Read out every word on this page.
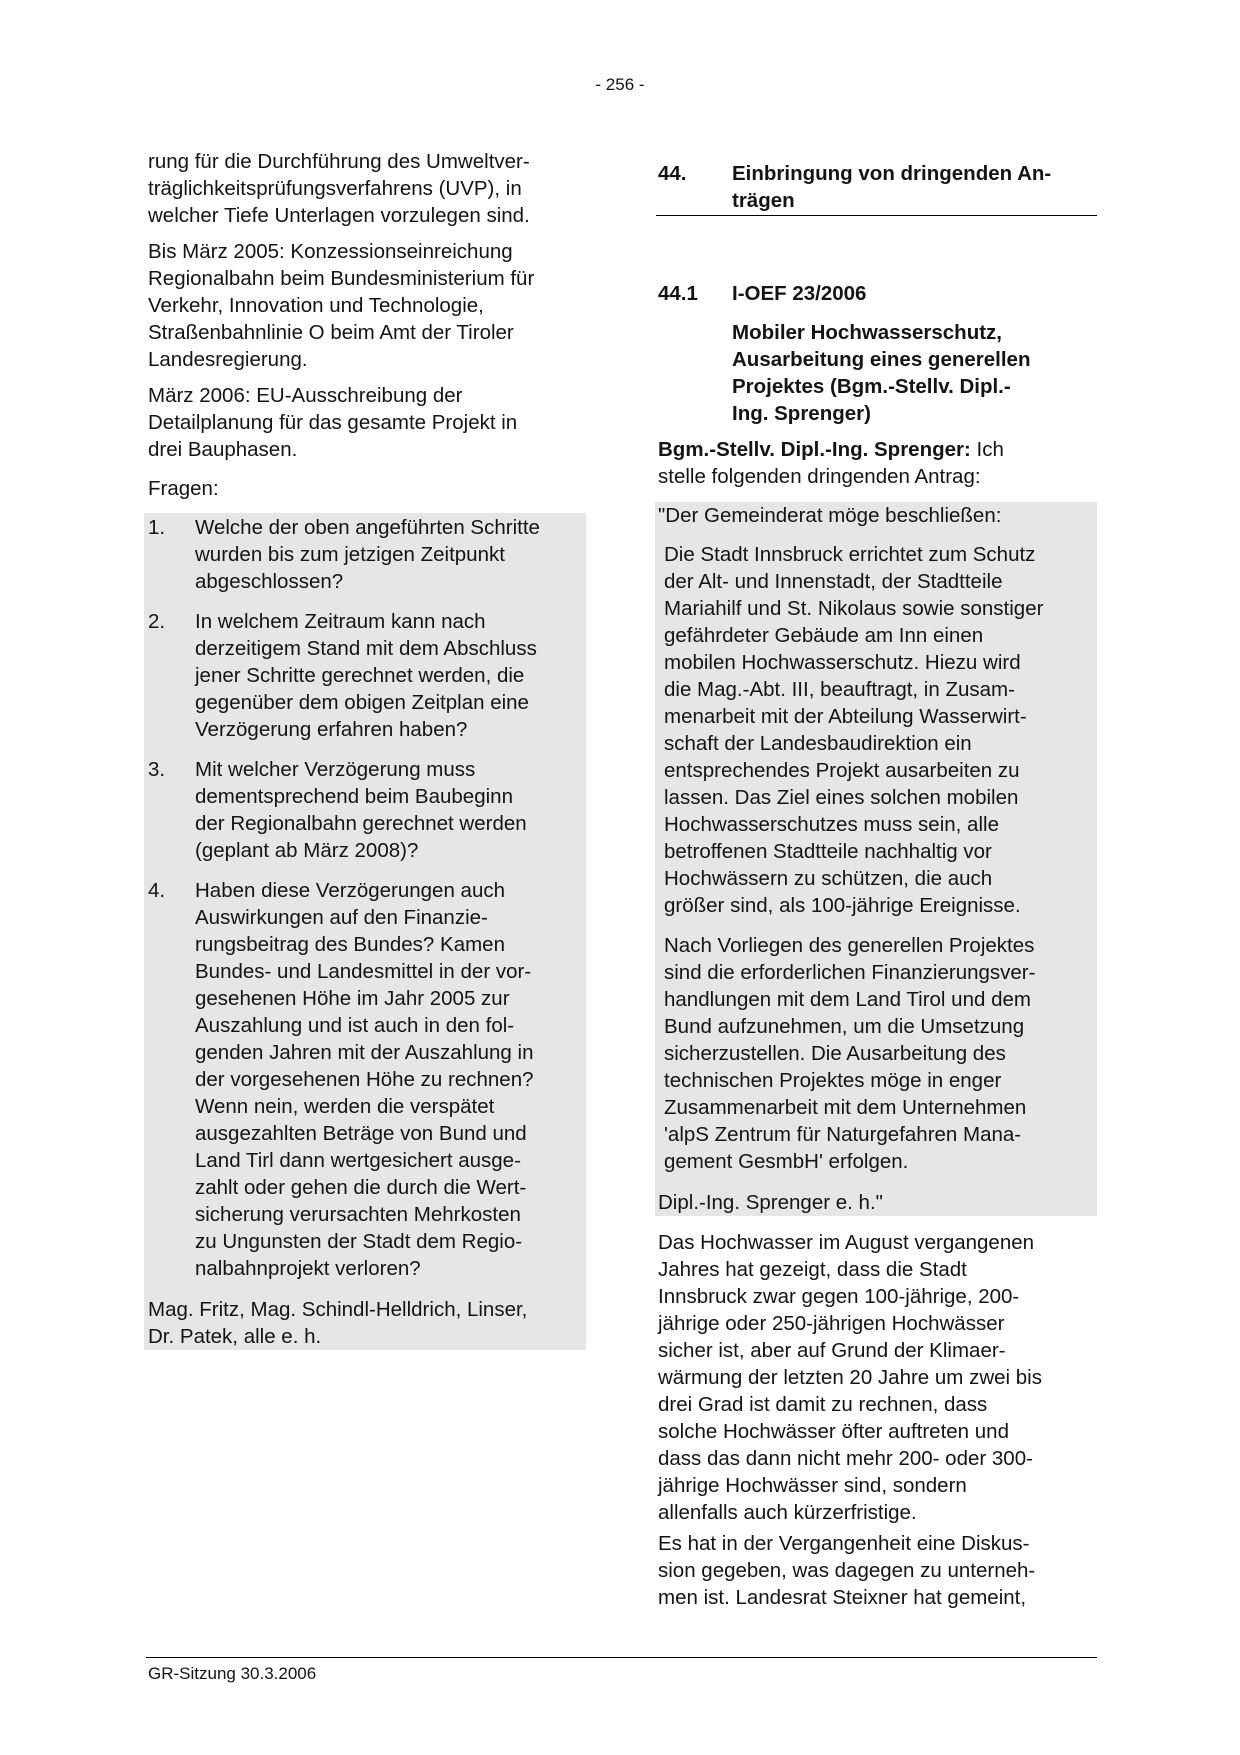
- 256 -
rung für die Durchführung des Umweltver-
träglichkeitsprüfungsverfahrens (UVP), in
welcher Tiefe Unterlagen vorzulegen sind.
Bis März 2005: Konzessionseinreichung
Regionalbahn beim Bundesministerium für
Verkehr, Innovation und Technologie,
Straßenbahnlinie O beim Amt der Tiroler
Landesregierung.
März 2006: EU-Ausschreibung der
Detailplanung für das gesamte Projekt in
drei Bauphasen.
Fragen:
1. Welche der oben angeführten Schritte
wurden bis zum jetzigen Zeitpunkt
abgeschlossen?
2. In welchem Zeitraum kann nach
derzeitigem Stand mit dem Abschluss
jener Schritte gerechnet werden, die
gegenüber dem obigen Zeitplan eine
Verzögerung erfahren haben?
3. Mit welcher Verzögerung muss
dementsprechend beim Baubeginn
der Regionalbahn gerechnet werden
(geplant ab März 2008)?
4. Haben diese Verzögerungen auch
Auswirkungen auf den Finanzie-
rungsbeitrag des Bundes? Kamen
Bundes- und Landesmittel in der vor-
gesehenen Höhe im Jahr 2005 zur
Auszahlung und ist auch in den fol-
genden Jahren mit der Auszahlung in
der vorgesehenen Höhe zu rechnen?
Wenn nein, werden die verspätet
ausgezahlten Beträge von Bund und
Land Tirl dann wertgesichert ausge-
zahlt oder gehen die durch die Wert-
sicherung verursachten Mehrkosten
zu Ungunsten der Stadt dem Regio-
nalbahnprojekt verloren?
Mag. Fritz, Mag. Schindl-Helldrich, Linser,
Dr. Patek, alle e. h.
44. Einbringung von dringenden An-
trägen
44.1 I-OEF 23/2006
Mobiler Hochwasserschutz,
Ausarbeitung eines generellen
Projektes (Bgm.-Stellv. Dipl.-
Ing. Sprenger)
Bgm.-Stellv. Dipl.-Ing. Sprenger: Ich
stelle folgenden dringenden Antrag:
"Der Gemeinderat möge beschließen:
Die Stadt Innsbruck errichtet zum Schutz
der Alt- und Innenstadt, der Stadtteile
Mariahilf und St. Nikolaus sowie sonstiger
gefährdeter Gebäude am Inn einen
mobilen Hochwasserschutz. Hiezu wird
die Mag.-Abt. III, beauftragt, in Zusam-
menarbeit mit der Abteilung Wasserwirt-
schaft der Landesbaudirektion ein
entsprechendes Projekt ausarbeiten zu
lassen. Das Ziel eines solchen mobilen
Hochwasserschutzes muss sein, alle
betroffenen Stadtteile nachhaltig vor
Hochwässern zu schützen, die auch
größer sind, als 100-jährige Ereignisse.
Nach Vorliegen des generellen Projektes
sind die erforderlichen Finanzierungsver-
handlungen mit dem Land Tirol und dem
Bund aufzunehmen, um die Umsetzung
sicherzustellen. Die Ausarbeitung des
technischen Projektes möge in enger
Zusammenarbeit mit dem Unternehmen
'alpS Zentrum für Naturgefahren Mana-
gement GesmbH' erfolgen.
Dipl.-Ing. Sprenger e. h."
Das Hochwasser im August vergangenen
Jahres hat gezeigt, dass die Stadt
Innsbruck zwar gegen 100-jährige, 200-
jährige oder 250-jährigen Hochwässer
sicher ist, aber auf Grund der Klimaer-
wärmung der letzten 20 Jahre um zwei bis
drei Grad ist damit zu rechnen, dass
solche Hochwässer öfter auftreten und
dass das dann nicht mehr 200- oder 300-
jährige Hochwässer sind, sondern
allenfalls auch kürzerfristige.
Es hat in der Vergangenheit eine Diskus-
sion gegeben, was dagegen zu unterneh-
men ist. Landesrat Steixner hat gemeint,
GR-Sitzung 30.3.2006
